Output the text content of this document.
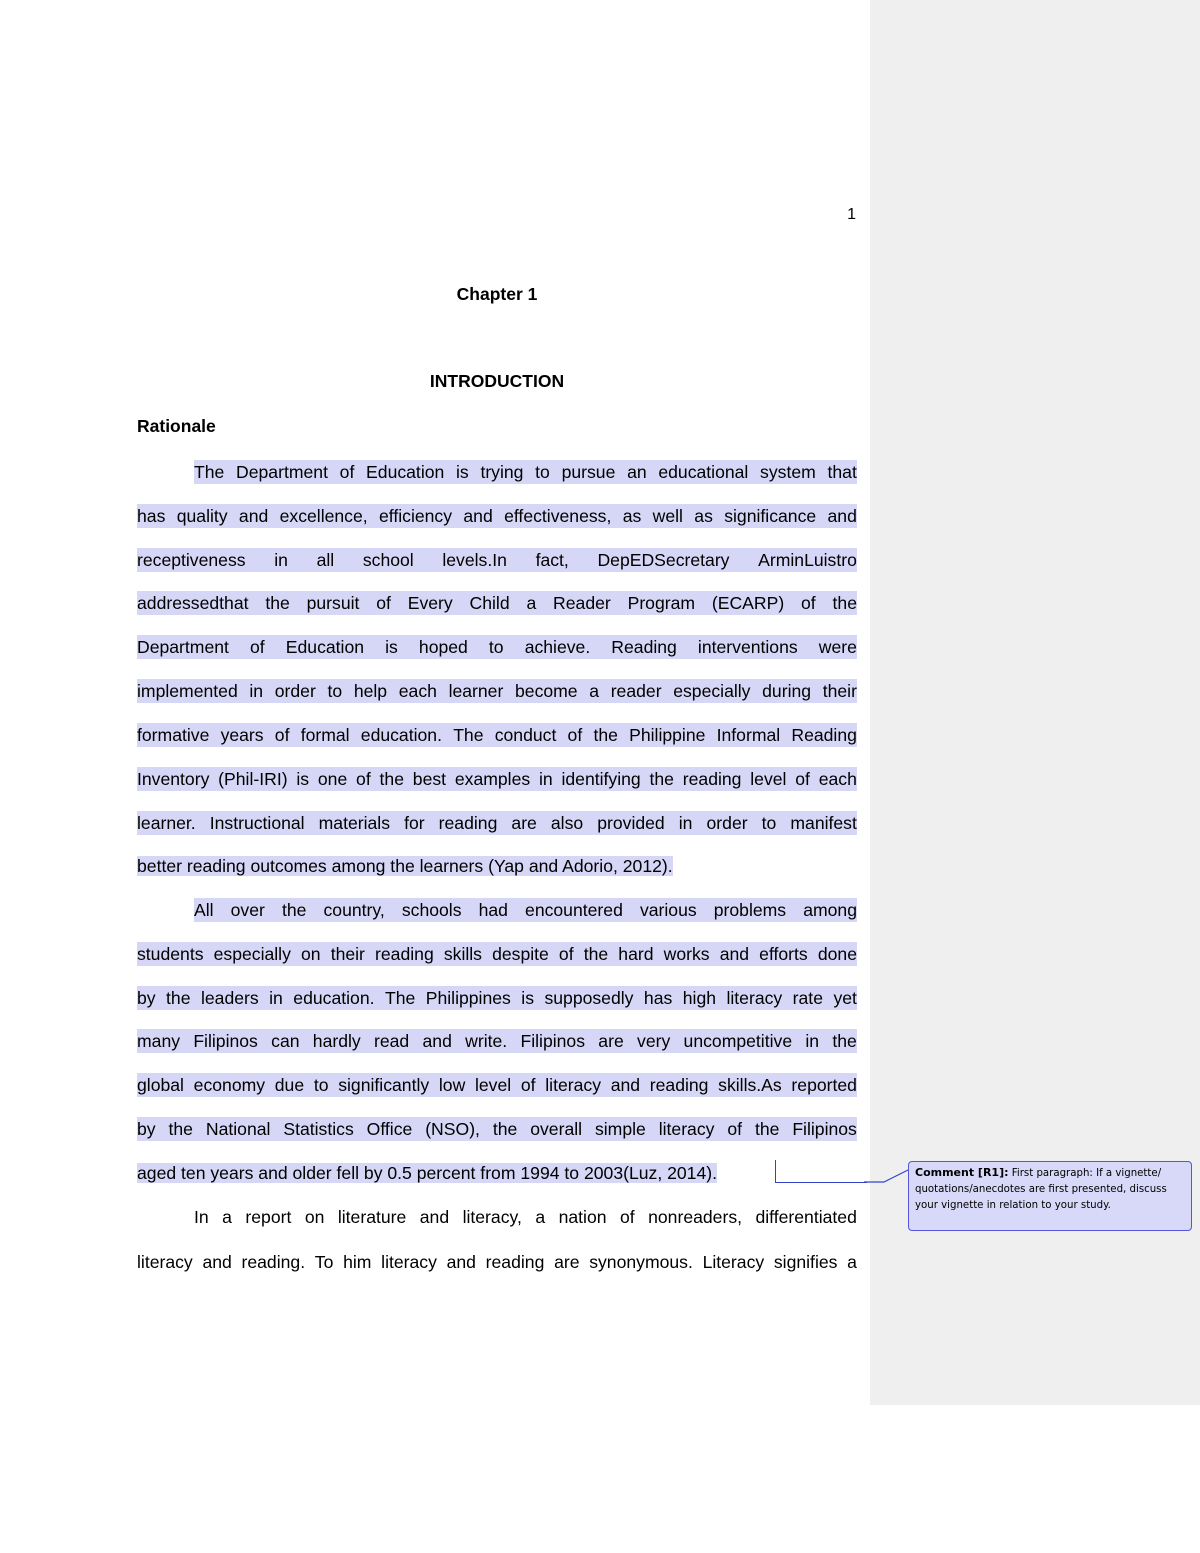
1
Chapter 1
INTRODUCTION
Rationale
The Department of Education is trying to pursue an educational system that
has quality and excellence, efficiency and effectiveness, as well as significance and
receptiveness in all school levels.In fact, DepEDSecretary ArminLuistro
addressedthat the pursuit of Every Child a Reader Program (ECARP) of the
Department of Education is hoped to achieve. Reading interventions were
implemented in order to help each learner become a reader especially during their
formative years of formal education. The conduct of the Philippine Informal Reading
Inventory (Phil-IRI) is one of the best examples in identifying the reading level of each
learner. Instructional materials for reading are also provided in order to manifest
better reading outcomes among the learners (Yap and Adorio, 2012).
All over the country, schools had encountered various problems among
students especially on their reading skills despite of the hard works and efforts done
by the leaders in education. The Philippines is supposedly has high literacy rate yet
many Filipinos can hardly read and write. Filipinos are very uncompetitive in the
global economy due to significantly low level of literacy and reading skills.As reported
by the National Statistics Office (NSO), the overall simple literacy of the Filipinos
aged ten years and older fell by 0.5 percent from 1994 to 2003(Luz, 2014).
In a report on literature and literacy, a nation of nonreaders, differentiated
literacy and reading. To him literacy and reading are synonymous. Literacy signifies a
Comment [R1]: First paragraph: If a vignette/ quotations/anecdotes are first presented, discuss your vignette in relation to your study.
